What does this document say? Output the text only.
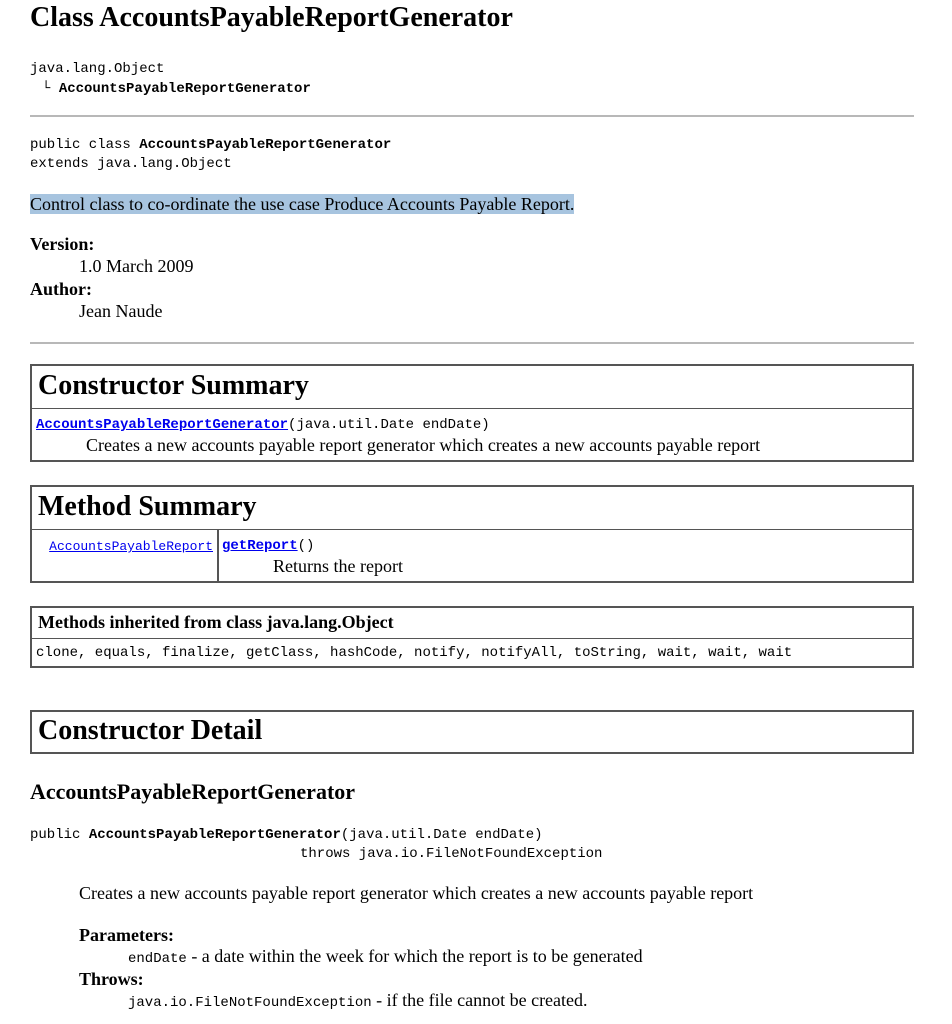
Class AccountsPayableReportGenerator
java.lang.Object
└ AccountsPayableReportGenerator
public class AccountsPayableReportGenerator
extends java.lang.Object
Control class to co-ordinate the use case Produce Accounts Payable Report.
Version:
1.0 March 2009
Author:
Jean Naude
Constructor Summary
AccountsPayableReportGenerator(java.util.Date endDate)
Creates a new accounts payable report generator which creates a new accounts payable report
Method Summary
AccountsPayableReport getReport()
Returns the report
Methods inherited from class java.lang.Object
clone, equals, finalize, getClass, hashCode, notify, notifyAll, toString, wait, wait, wait
Constructor Detail
AccountsPayableReportGenerator
public AccountsPayableReportGenerator(java.util.Date endDate)
throws java.io.FileNotFoundException
Creates a new accounts payable report generator which creates a new accounts payable report
Parameters:
endDate - a date within the week for which the report is to be generated
Throws:
java.io.FileNotFoundException - if the file cannot be created.
